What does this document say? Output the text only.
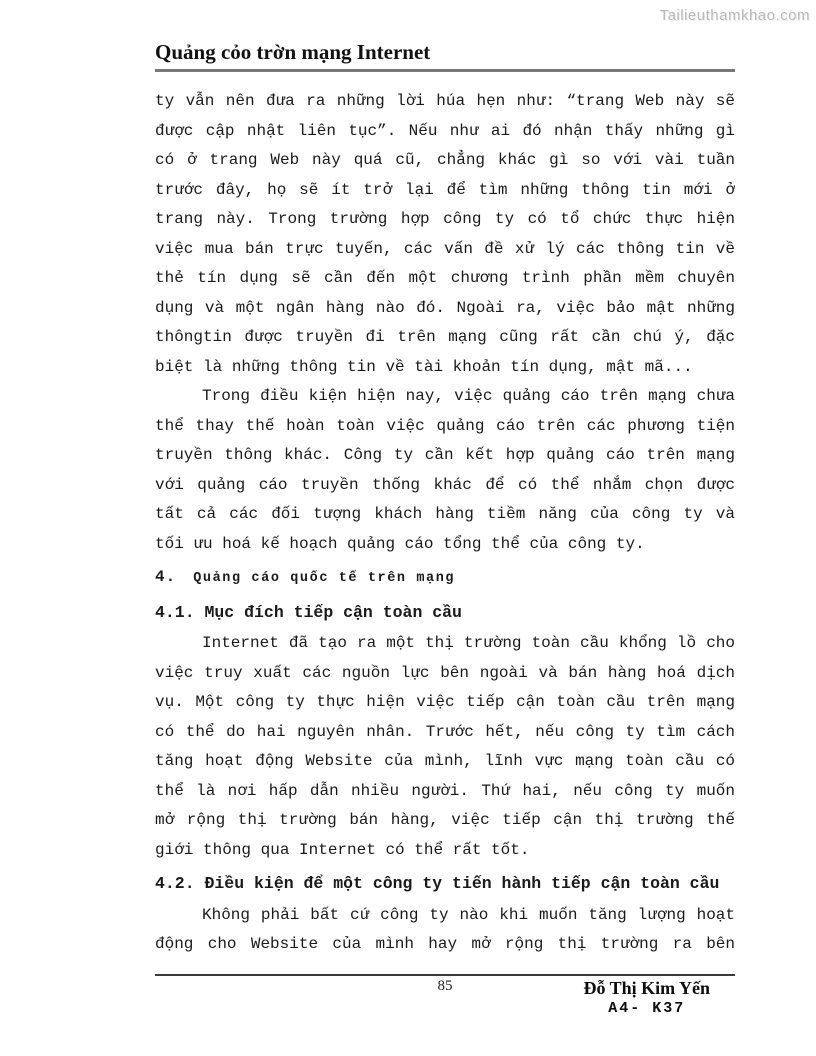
Tailieuthamkhao.com
Quảng cỏo trờn mạng Internet
ty vẫn nên đưa ra những lời húa hẹn như: “trang Web này sẽ
được cập nhật liên tục”. Nếu như ai đó nhận thấy những gì
có ở trang Web này quá cũ, chẳng khác gì so với vài tuần
trước đây, họ sẽ ít trở lại để tìm những thông tin mới ở
trang này. Trong trường hợp công ty có tổ chức thực hiện
việc mua bán trực tuyến, các vấn đề xử lý các thông tin về
thẻ tín dụng sẽ cần đến một chương trình phần mềm chuyên
dụng và một ngân hàng nào đó. Ngoài ra, việc bảo mật những
thôngtin được truyền đi trên mạng cũng rất cần chú ý, đặc
biệt là những thông tin về tài khoản tín dụng, mật mã...
Trong điều kiện hiện nay, việc quảng cáo trên mạng chưa
thể thay thế hoàn toàn việc quảng cáo trên các phương tiện
truyền thông khác. Công ty cần kết hợp quảng cáo trên mạng
với quảng cáo truyền thống khác để có thể nhắm chọn được
tất cả các đối tượng khách hàng tiềm năng của công ty và
tối ưu hoá kế hoạch quảng cáo tổng thể của công ty.
4. Quảng cáo quốc tế trên mạng
4.1. Mục đích tiếp cận toàn cầu
Internet đã tạo ra một thị trường toàn cầu khổng lồ cho
việc truy xuất các nguồn lực bên ngoài và bán hàng hoá dịch
vụ. Một công ty thực hiện việc tiếp cận toàn cầu trên mạng
có thể do hai nguyên nhân. Trước hết, nếu công ty tìm cách
tăng hoạt động Website của mình, lĩnh vực mạng toàn cầu có
thể là nơi hấp dẫn nhiều người. Thứ hai, nếu công ty muốn
mở rộng thị trường bán hàng, việc tiếp cận thị trường thế
giới thông qua Internet có thể rất tốt.
4.2. Điều kiện để một công ty tiến hành tiếp cận toàn cầu
Không phải bất cứ công ty nào khi muốn tăng lượng hoạt
động cho Website của mình hay mở rộng thị trường ra bên
85	Đỗ Thị Kim Yến
A4- K37
